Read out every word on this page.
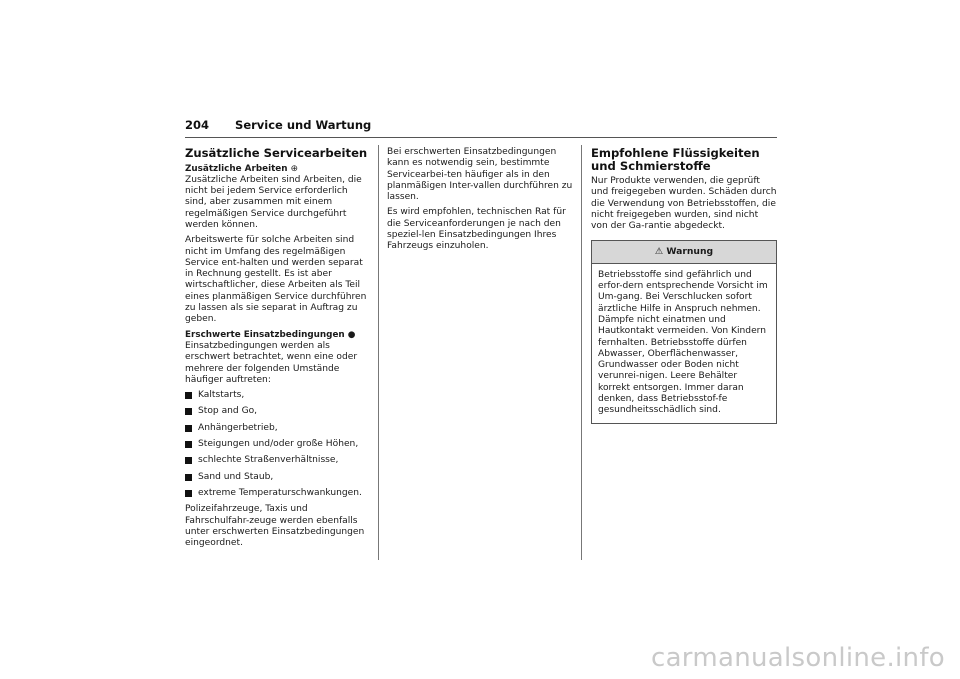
204 Service und Wartung
Zusätzliche Servicearbeiten
Zusätzliche Arbeiten ⊕

Zusätzliche Arbeiten sind Arbeiten, die nicht bei jedem Service erforderlich sind, aber zusammen mit einem regelmäßigen Service durchgeführt werden können.

Arbeitswerte für solche Arbeiten sind nicht im Umfang des regelmäßigen Service ent-halten und werden separat in Rechnung gestellt. Es ist aber wirtschaftlicher, diese Arbeiten als Teil eines planmäßigen Service durchführen zu lassen als sie separat in Auftrag zu geben.

Erschwerte Einsatzbedingungen ●

Einsatzbedingungen werden als erschwert betrachtet, wenn eine oder mehrere der folgenden Umstände häufiger auftreten:

Kaltstarts,
Stop and Go,
Anhängerbetrieb,
Steigungen und/oder große Höhen,
schlechte Straßenverhältnisse,
Sand und Staub,
extreme Temperaturschwankungen.

Polizeifahrzeuge, Taxis und Fahrschulfahr-zeuge werden ebenfalls unter erschwerten Einsatzbedingungen eingeordnet.

Bei erschwerten Einsatzbedingungen kann es notwendig sein, bestimmte Servicearbei-ten häufiger als in den planmäßigen Inter-vallen durchführen zu lassen.

Es wird empfohlen, technischen Rat für die Serviceanforderungen je nach den speziel-len Einsatzbedingungen Ihres Fahrzeugs einzuholen.

Empfohlene Flüssigkeiten und Schmierstoffe

Nur Produkte verwenden, die geprüft und freigegeben wurden. Schäden durch die Verwendung von Betriebsstoffen, die nicht freigegeben wurden, sind nicht von der Ga-rantie abgedeckt.

⚠ Warnung
Betriebsstoffe sind gefährlich und erfor-dern entsprechende Vorsicht im Um-gang. Bei Verschlucken sofort ärztliche Hilfe in Anspruch nehmen. Dämpfe nicht einatmen und Hautkontakt vermeiden. Von Kindern fernhalten. Betriebsstoffe dürfen Abwasser, Oberflächenwasser, Grundwasser oder Boden nicht verunrei-nigen. Leere Behälter korrekt entsorgen. Immer daran denken, dass Betriebsstof-fe gesundheitsschädlich sind.
carmanualsonline.info
